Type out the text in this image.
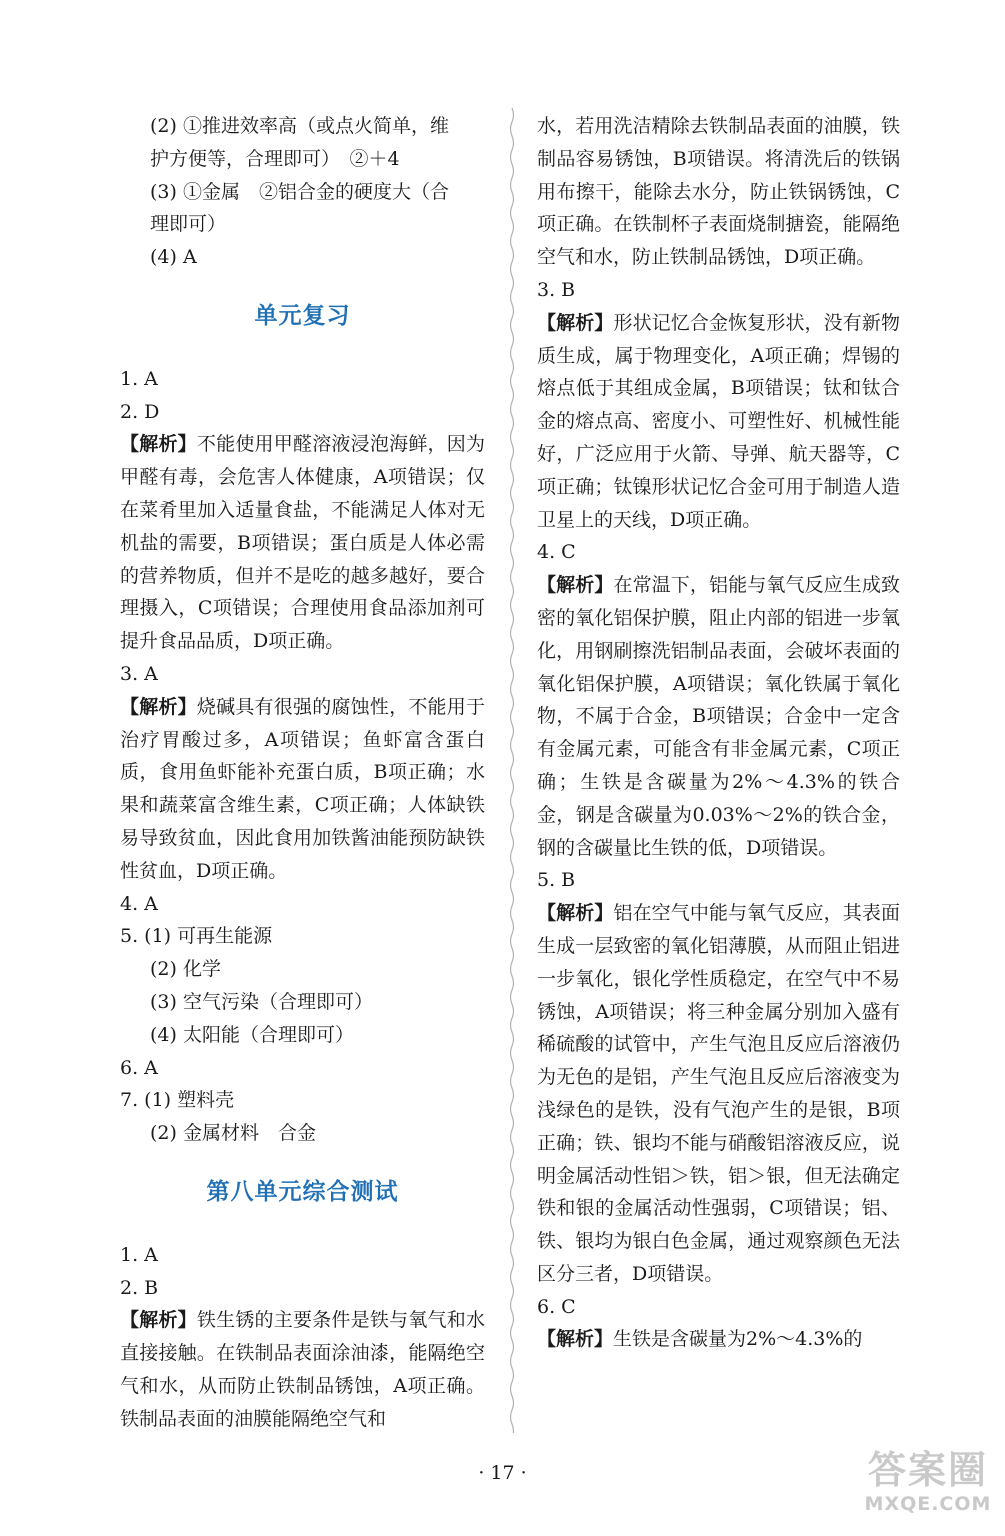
(2) ①推进效率高（或点火简单，维
护方便等，合理即可）　②＋4
(3) ①金属　②铝合金的硬度大（合
理即可）
(4) A
单元复习
1. A
2. D
【解析】不能使用甲醛溶液浸泡海鲜，因为甲醛有毒，会危害人体健康，A项错误；仅在菜肴里加入适量食盐，不能满足人体对无机盐的需要，B项错误；蛋白质是人体必需的营养物质，但并不是吃的越多越好，要合理摄入，C项错误；合理使用食品添加剂可提升食品品质，D项正确。
3. A
【解析】烧碱具有很强的腐蚀性，不能用于治疗胃酸过多，A项错误；鱼虾富含蛋白质，食用鱼虾能补充蛋白质，B项正确；水果和蔬菜富含维生素，C项正确；人体缺铁易导致贫血，因此食用加铁酱油能预防缺铁性贫血，D项正确。
4. A
5. (1) 可再生能源
(2) 化学
(3) 空气污染（合理即可）
(4) 太阳能（合理即可）
6. A
7. (1) 塑料壳
(2) 金属材料　合金
第八单元综合测试
1. A
2. B
【解析】铁生锈的主要条件是铁与氧气和水直接接触。在铁制品表面涂油漆，能隔绝空气和水，从而防止铁制品锈蚀，A项正确。铁制品表面的油膜能隔绝空气和
水，若用洗洁精除去铁制品表面的油膜，铁制品容易锈蚀，B项错误。将清洗后的铁锅用布擦干，能除去水分，防止铁锅锈蚀，C项正确。在铁制杯子表面烧制搪瓷，能隔绝空气和水，防止铁制品锈蚀，D项正确。
3. B
【解析】形状记忆合金恢复形状，没有新物质生成，属于物理变化，A项正确；焊锡的熔点低于其组成金属，B项错误；钛和钛合金的熔点高、密度小、可塑性好、机械性能好，广泛应用于火箭、导弹、航天器等，C项正确；钛镍形状记忆合金可用于制造人造卫星上的天线，D项正确。
4. C
【解析】在常温下，铝能与氧气反应生成致密的氧化铝保护膜，阻止内部的铝进一步氧化，用钢刷擦洗铝制品表面，会破坏表面的氧化铝保护膜，A项错误；氧化铁属于氧化物，不属于合金，B项错误；合金中一定含有金属元素，可能含有非金属元素，C项正确；生铁是含碳量为2%～4.3%的铁合金，钢是含碳量为0.03%～2%的铁合金，钢的含碳量比生铁的低，D项错误。
5. B
【解析】铝在空气中能与氧气反应，其表面生成一层致密的氧化铝薄膜，从而阻止铝进一步氧化，银化学性质稳定，在空气中不易锈蚀，A项错误；将三种金属分别加入盛有稀硫酸的试管中，产生气泡且反应后溶液仍为无色的是铝，产生气泡且反应后溶液变为浅绿色的是铁，没有气泡产生的是银，B项正确；铁、银均不能与硝酸铝溶液反应，说明金属活动性铝＞铁，铝＞银，但无法确定铁和银的金属活动性强弱，C项错误；铝、铁、银均为银白色金属，通过观察颜色无法区分三者，D项错误。
6. C
【解析】生铁是含碳量为2%～4.3%的
· 17 ·	答案圈
MXQE.COM
